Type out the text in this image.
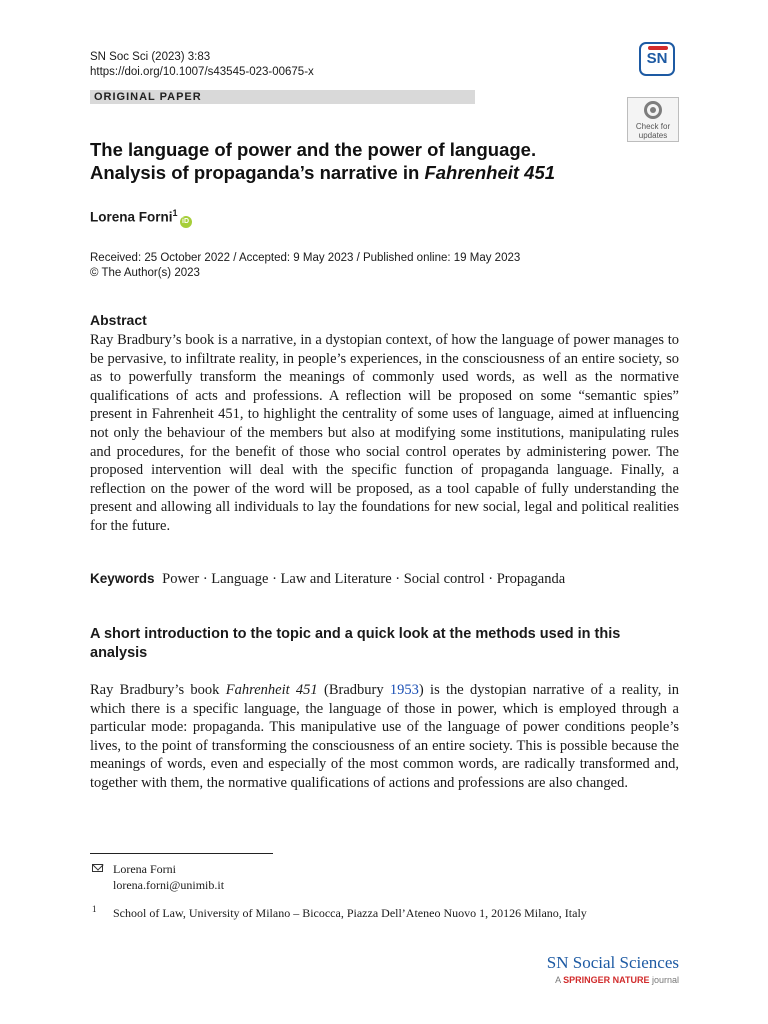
SN Soc Sci (2023) 3:83
https://doi.org/10.1007/s43545-023-00675-x
SN
ORIGINAL PAPER
Check for
updates
The language of power and the power of language.
Analysis of propaganda’s narrative in Fahrenheit 451
Lorena Forni$^1$iD
Received: 25 October 2022 / Accepted: 9 May 2023 / Published online: 19 May 2023
© The Author(s) 2023
Abstract
Ray Bradbury’s book is a narrative, in a dystopian context, of how the language of power manages to be pervasive, to infiltrate reality, in people’s experiences, in the consciousness of an entire society, so as to powerfully transform the meanings of commonly used words, as well as the normative qualifications of acts and professions. A reflection will be proposed on some “semantic spies” present in Fahrenheit 451, to highlight the centrality of some uses of language, aimed at influencing not only the behaviour of the members but also at modifying some institutions, manipulating rules and procedures, for the benefit of those who social control operates by administering power. The proposed intervention will deal with the specific function of propaganda language. Finally, a reflection on the power of the word will be proposed, as a tool capable of fully understanding the present and allowing all individuals to lay the foundations for new social, legal and political realities for the future.
Keywords Power · Language · Law and Literature · Social control · Propaganda
A short introduction to the topic and a quick look at the methods used in this analysis
Ray Bradbury’s book Fahrenheit 451 (Bradbury 1953) is the dystopian narrative of a reality, in which there is a specific language, the language of those in power, which is employed through a particular mode: propaganda. This manipulative use of the language of power conditions people’s lives, to the point of transforming the consciousness of an entire society. This is possible because the meanings of words, even and especially of the most common words, are radically transformed and, together with them, the normative qualifications of actions and professions are also changed.
Lorena Forni
lorena.forni@unimib.it
1 School of Law, University of Milano – Bicocca, Piazza Dell’Ateneo Nuovo 1, 20126 Milano, Italy
SN Social Sciences
A SPRINGER NATURE journal
